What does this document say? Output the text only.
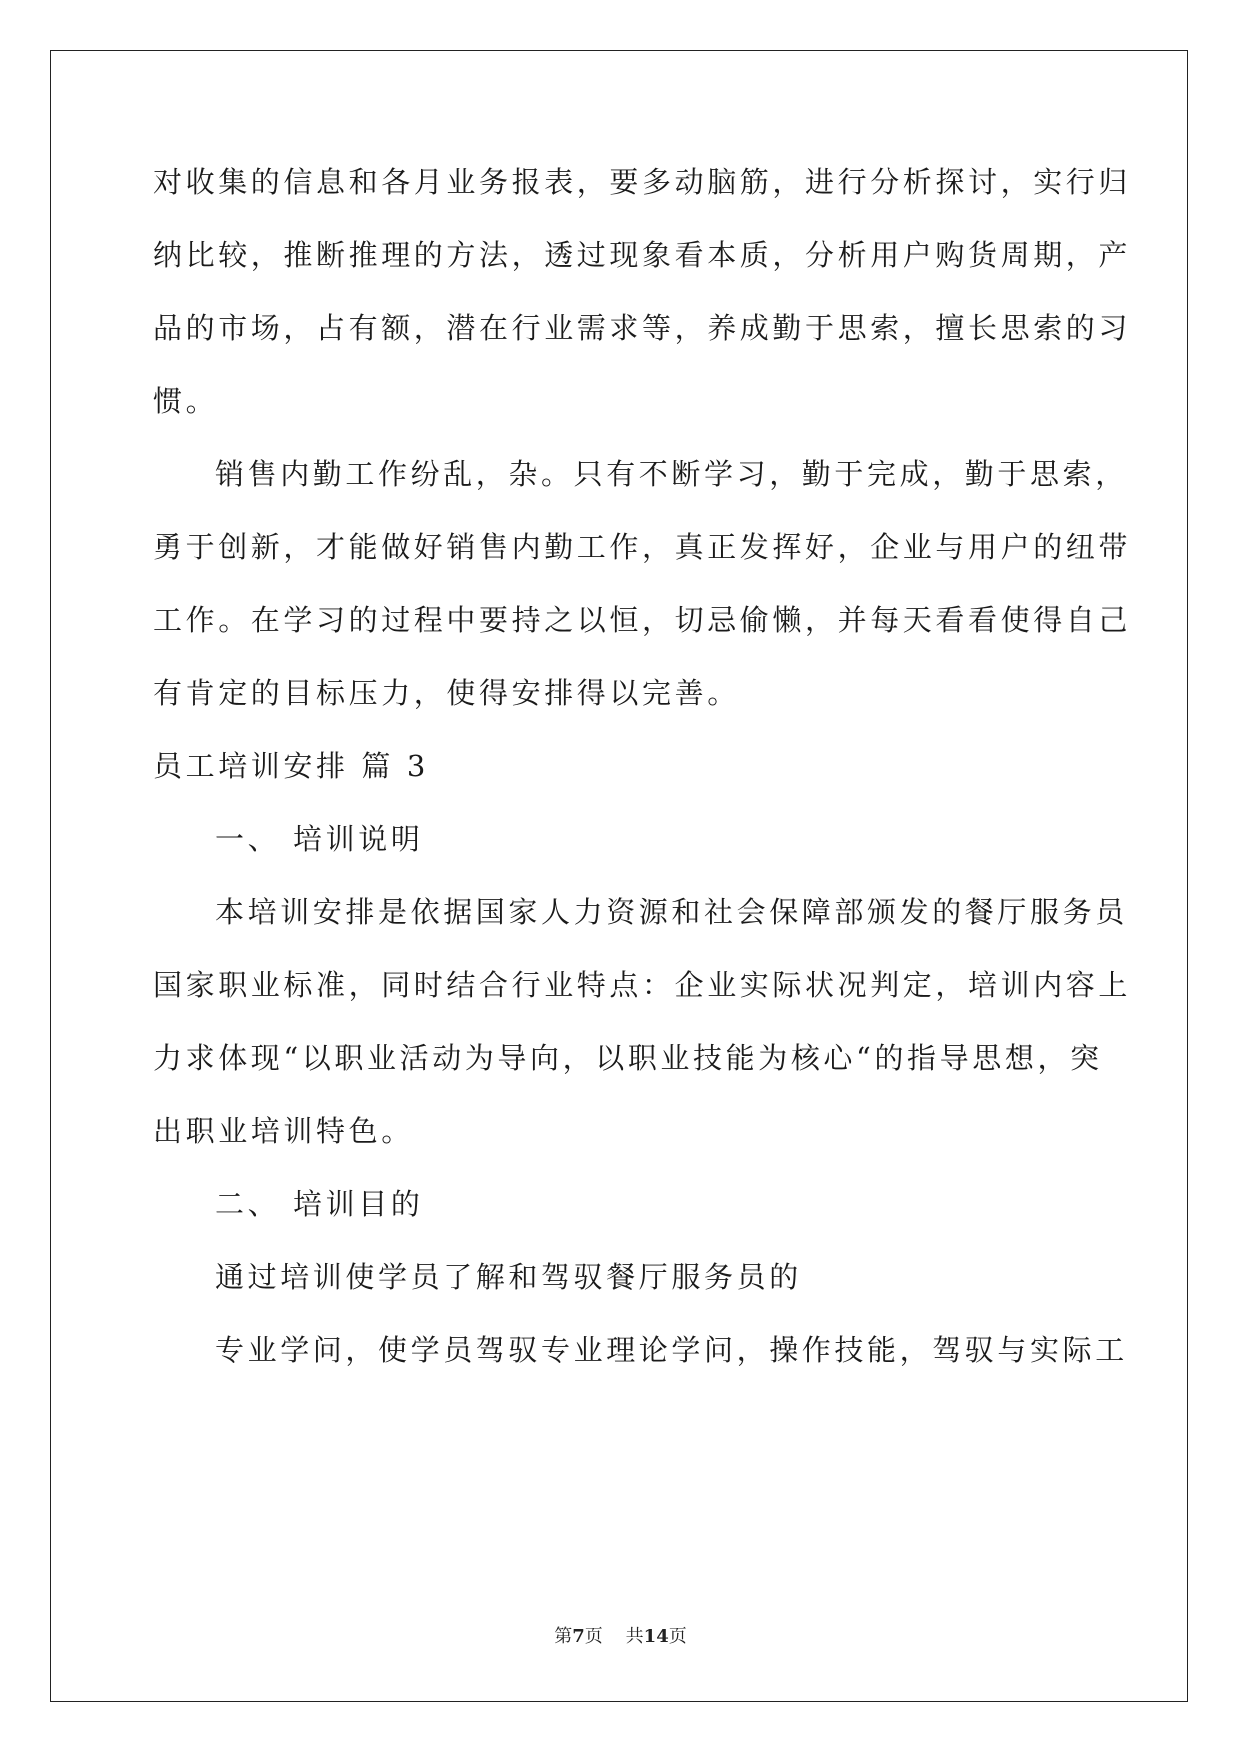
对收集的信息和各月业务报表，要多动脑筋，进行分析探讨，实行归
纳比较，推断推理的方法，透过现象看本质，分析用户购货周期，产
品的市场，占有额，潜在行业需求等，养成勤于思索，擅长思索的习
惯。
销售内勤工作纷乱，杂。只有不断学习，勤于完成，勤于思索，
勇于创新，才能做好销售内勤工作，真正发挥好，企业与用户的纽带
工作。在学习的过程中要持之以恒，切忌偷懒，并每天看看使得自己
有肯定的目标压力，使得安排得以完善。
员工培训安排 篇 3
一、 培训说明
本培训安排是依据国家人力资源和社会保障部颁发的餐厅服务员
国家职业标准，同时结合行业特点：企业实际状况判定，培训内容上
力求体现“以职业活动为导向，以职业技能为核心“的指导思想，突
出职业培训特色。
二、 培训目的
通过培训使学员了解和驾驭餐厅服务员的
专业学问，使学员驾驭专业理论学问，操作技能，驾驭与实际工
第7页 共14页
